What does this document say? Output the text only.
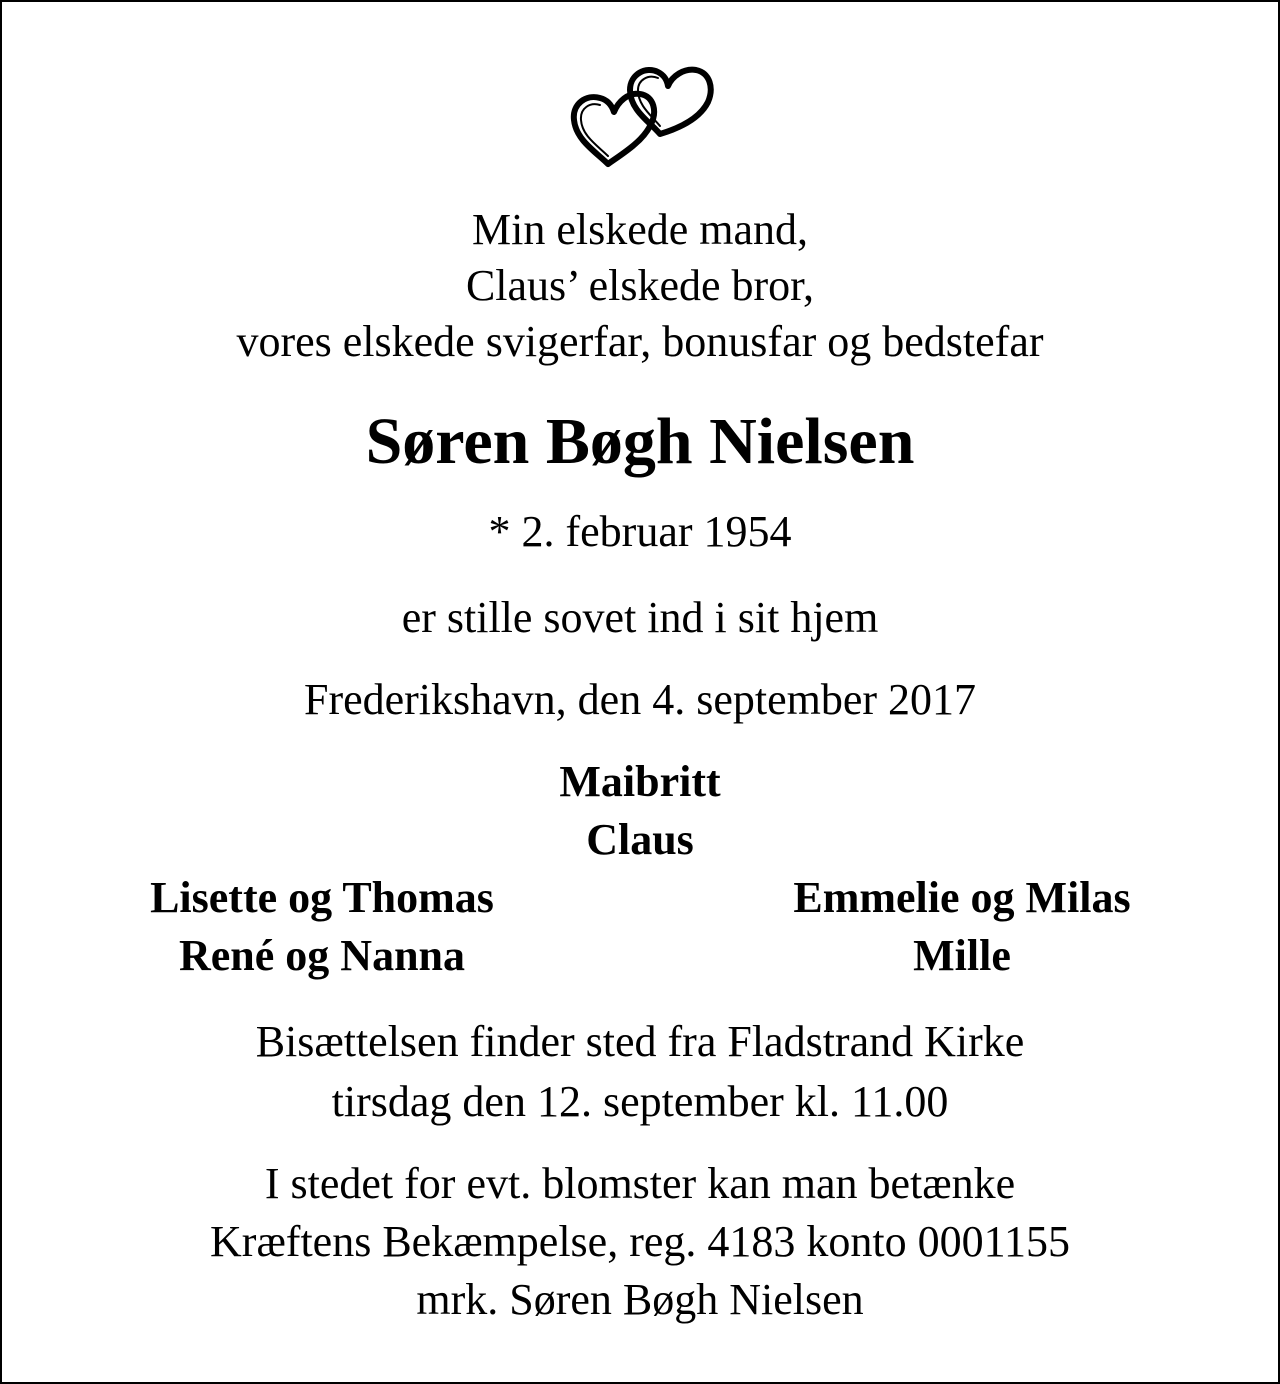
Min elskede mand,
Claus’ elskede bror,
vores elskede svigerfar, bonusfar og bedstefar
Søren Bøgh Nielsen
* 2. februar 1954
er stille sovet ind i sit hjem
Frederikshavn, den 4. september 2017
Maibritt
Claus
Lisette og Thomas
René og Nanna
Emmelie og Milas
Mille
Bisættelsen finder sted fra Fladstrand Kirke
tirsdag den 12. september kl. 11.00
I stedet for evt. blomster kan man betænke
Kræftens Bekæmpelse, reg. 4183 konto 0001155
mrk. Søren Bøgh Nielsen
